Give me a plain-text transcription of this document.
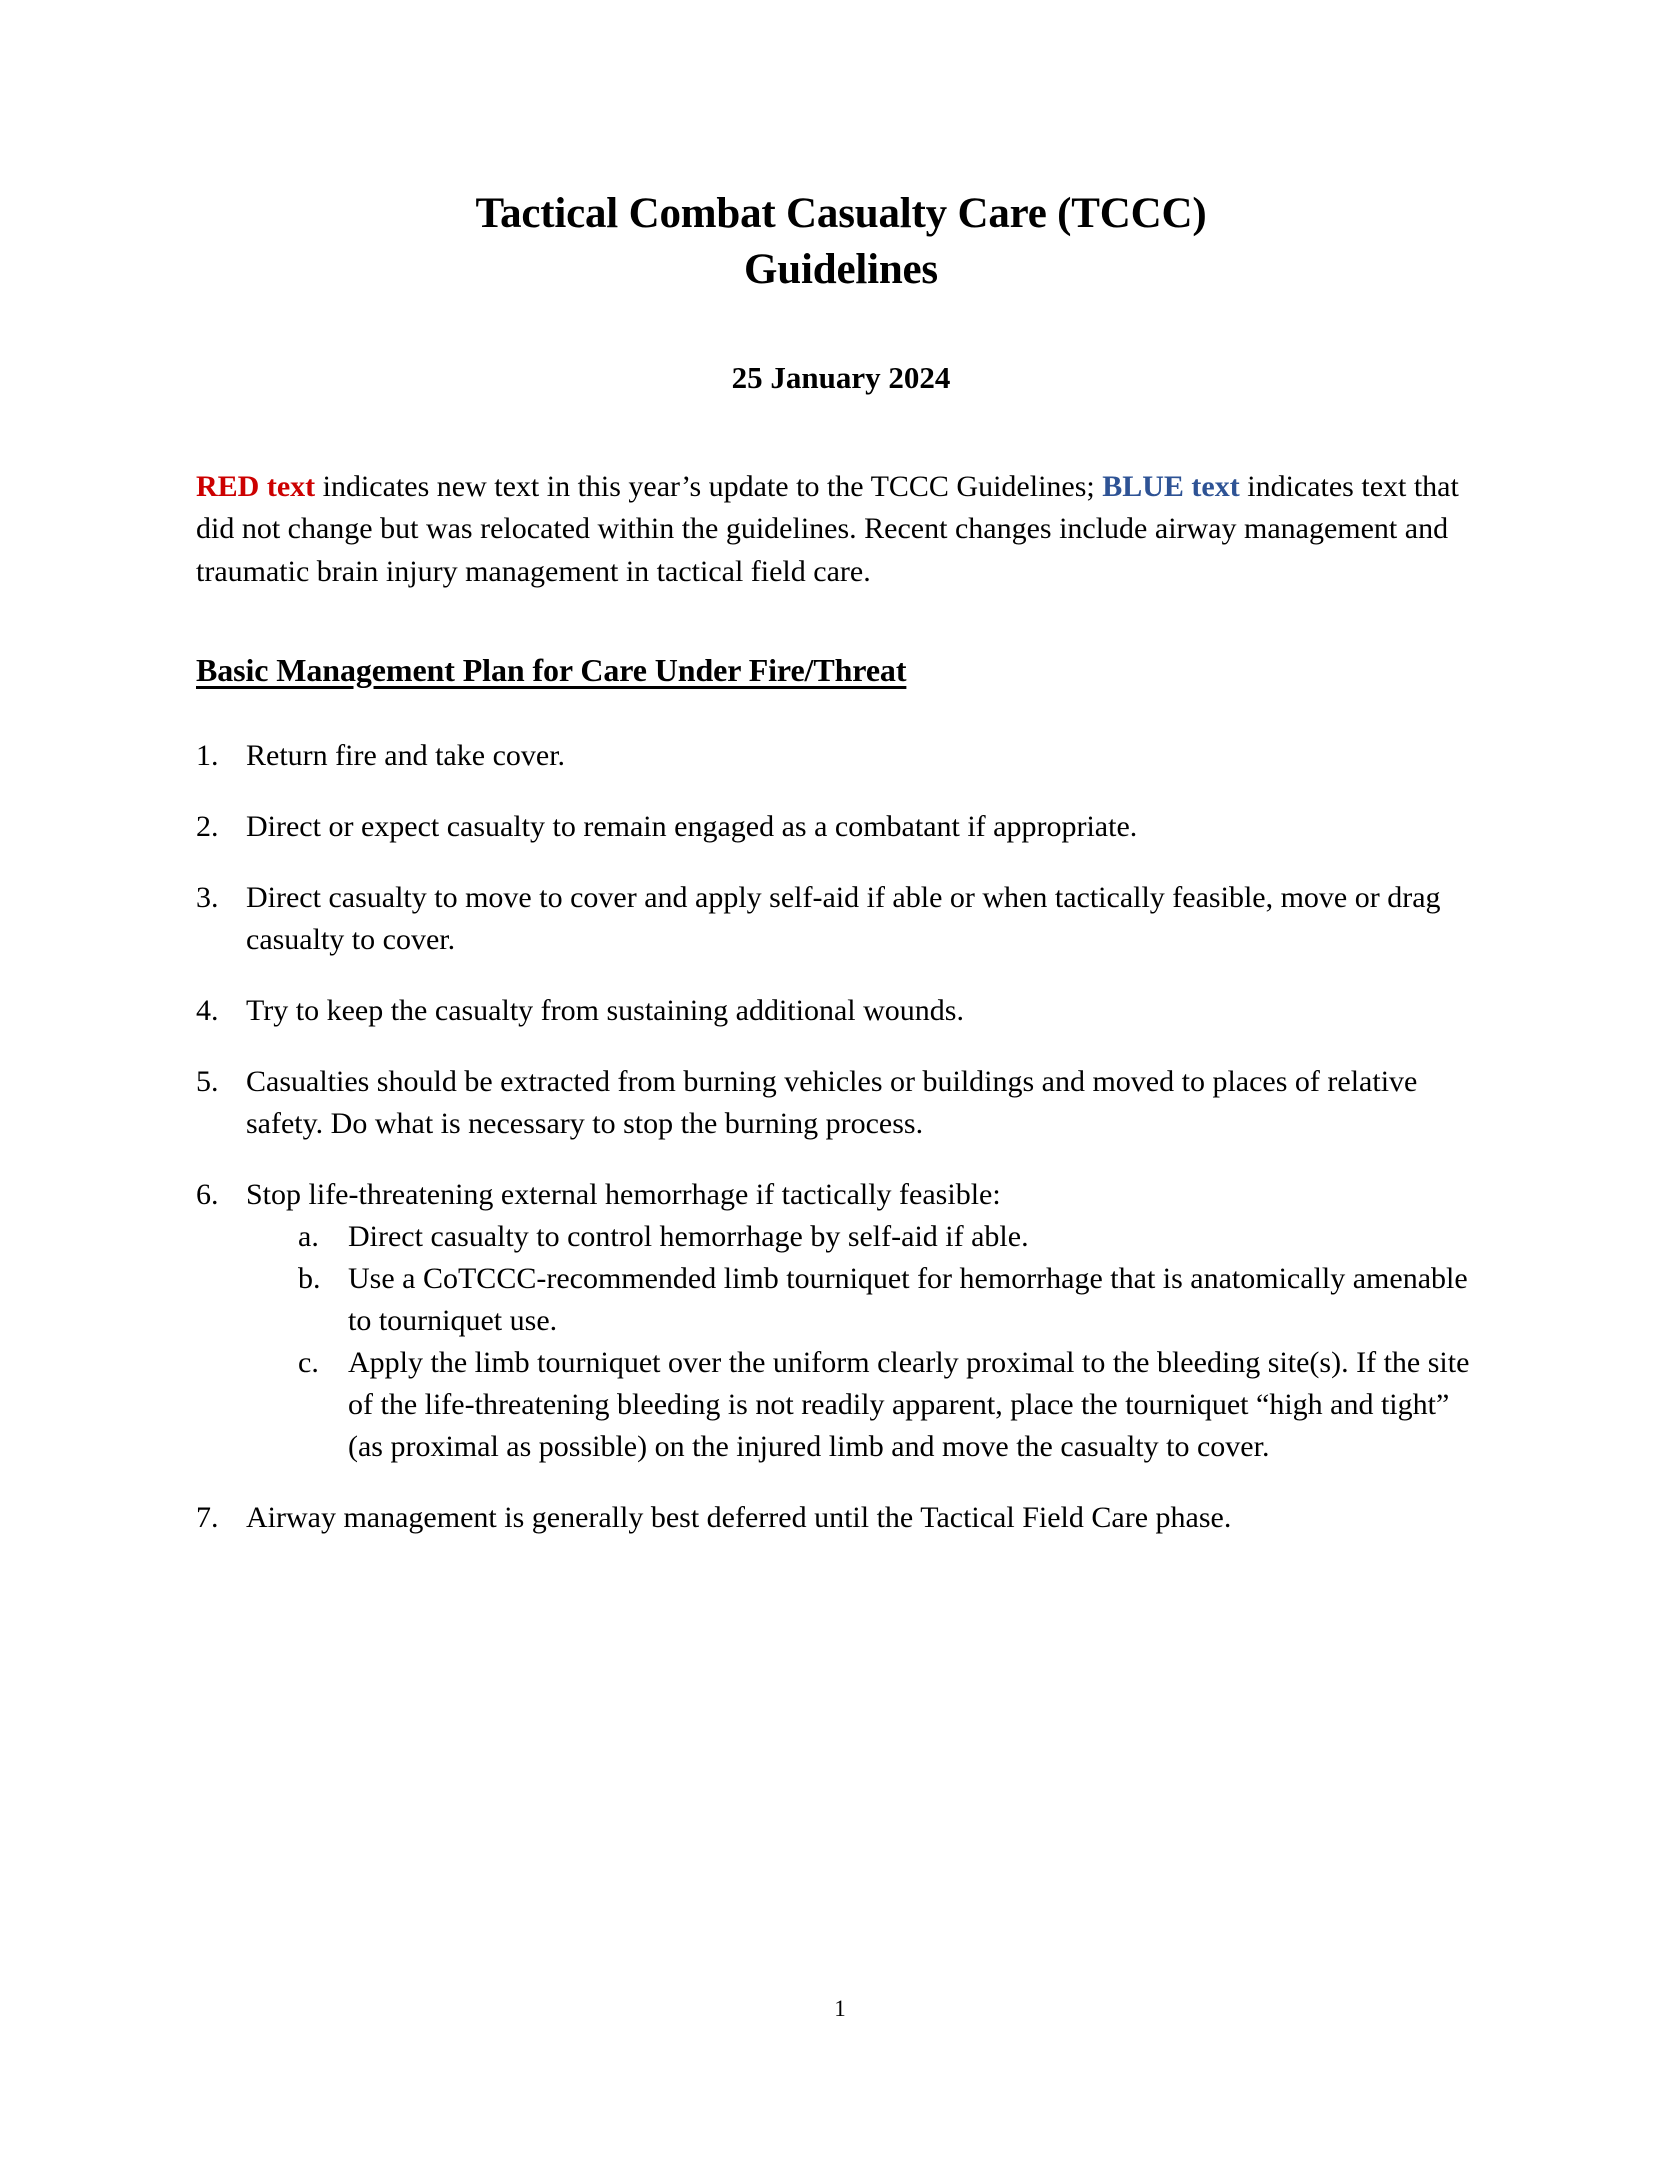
Tactical Combat Casualty Care (TCCC)
Guidelines
25 January 2024

RED text indicates new text in this year’s update to the TCCC Guidelines; BLUE text indicates text that did not change but was relocated within the guidelines. Recent changes include airway management and traumatic brain injury management in tactical field care.

Basic Management Plan for Care Under Fire/Threat
1. Return fire and take cover.
2. Direct or expect casualty to remain engaged as a combatant if appropriate.
3. Direct casualty to move to cover and apply self-aid if able or when tactically feasible, move or drag casualty to cover.
4. Try to keep the casualty from sustaining additional wounds.
5. Casualties should be extracted from burning vehicles or buildings and moved to places of relative safety. Do what is necessary to stop the burning process.
6. Stop life-threatening external hemorrhage if tactically feasible:
a. Direct casualty to control hemorrhage by self-aid if able.
b. Use a CoTCCC-recommended limb tourniquet for hemorrhage that is anatomically amenable to tourniquet use.
c. Apply the limb tourniquet over the uniform clearly proximal to the bleeding site(s). If the site of the life-threatening bleeding is not readily apparent, place the tourniquet “high and tight” (as proximal as possible) on the injured limb and move the casualty to cover.
7. Airway management is generally best deferred until the Tactical Field Care phase.
1
